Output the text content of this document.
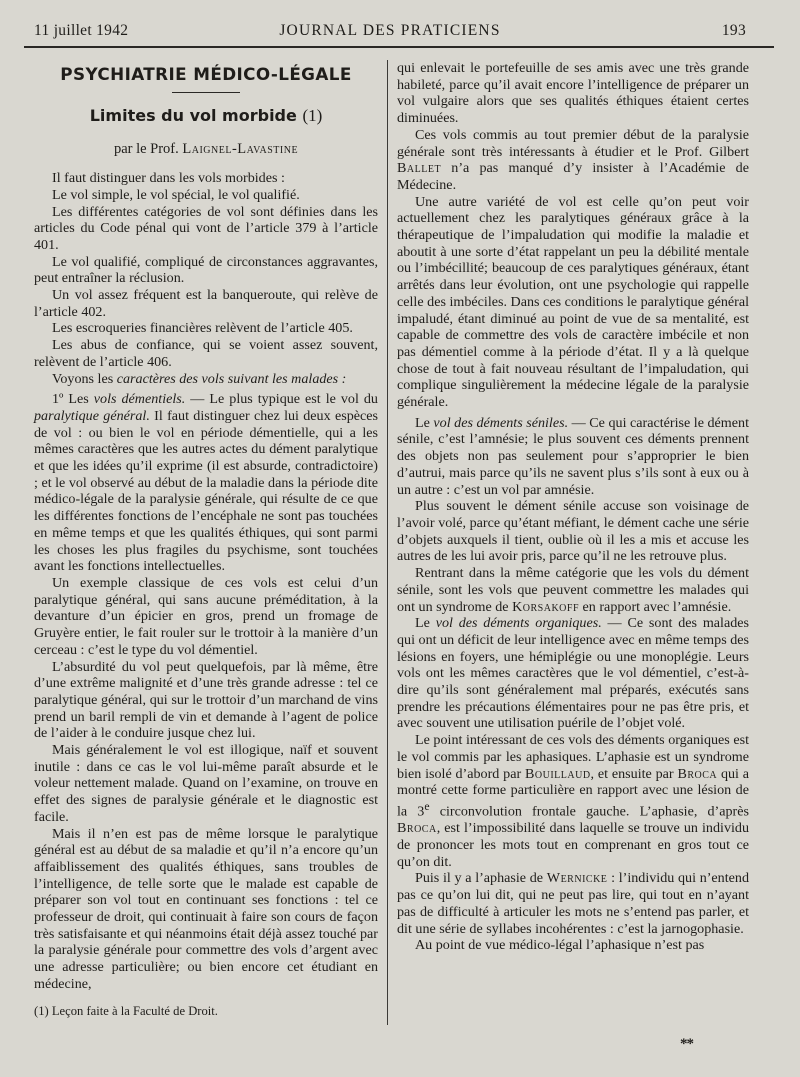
11 juillet 1942	JOURNAL DES PRATICIENS	193
PSYCHIATRIE MÉDICO-LÉGALE
Limites du vol morbide (1)
par le Prof. Laignel-Lavastine

Il faut distinguer dans les vols morbides :

Le vol simple, le vol spécial, le vol qualifié.

Les différentes catégories de vol sont définies dans les articles du Code pénal qui vont de l’article 379 à l’article 401.

Le vol qualifié, compliqué de circonstances aggravantes, peut entraîner la réclusion.

Un vol assez fréquent est la banqueroute, qui relève de l’article 402.

Les escroqueries financières relèvent de l’article 405.

Les abus de confiance, qui se voient assez souvent, relèvent de l’article 406.

Voyons les caractères des vols suivant les malades :

1º Les vols démentiels. — Le plus typique est le vol du paralytique général. Il faut distinguer chez lui deux espèces de vol : ou bien le vol en période démentielle, qui a les mêmes caractères que les autres actes du dément paralytique et que les idées qu’il exprime (il est absurde, contradictoire) ; et le vol observé au début de la maladie dans la période dite médico-légale de la paralysie générale, qui résulte de ce que les différentes fonctions de l’encéphale ne sont pas touchées en même temps et que les qualités éthiques, qui sont parmi les choses les plus fragiles du psychisme, sont touchées avant les fonctions intellectuelles.

Un exemple classique de ces vols est celui d’un paralytique général, qui sans aucune préméditation, à la devanture d’un épicier en gros, prend un fromage de Gruyère entier, le fait rouler sur le trottoir à la manière d’un cerceau : c’est le type du vol démentiel.

L’absurdité du vol peut quelquefois, par là même, être d’une extrême malignité et d’une très grande adresse : tel ce paralytique général, qui sur le trottoir d’un marchand de vins prend un baril rempli de vin et demande à l’agent de police de l’aider à le conduire jusque chez lui.

Mais généralement le vol est illogique, naïf et souvent inutile : dans ce cas le vol lui-même paraît absurde et le voleur nettement malade. Quand on l’examine, on trouve en effet des signes de paralysie générale et le diagnostic est facile.

Mais il n’en est pas de même lorsque le paralytique général est au début de sa maladie et qu’il n’a encore qu’un affaiblissement des qualités éthiques, sans troubles de l’intelligence, de telle sorte que le malade est capable de préparer son vol tout en continuant ses fonctions : tel ce professeur de droit, qui continuait à faire son cours de façon très satisfaisante et qui néanmoins était déjà assez touché par la paralysie générale pour commettre des vols d’argent avec une adresse particulière; ou bien encore cet étudiant en médecine,

(1) Leçon faite à la Faculté de Droit.

qui enlevait le portefeuille de ses amis avec une très grande habileté, parce qu’il avait encore l’intelligence de préparer un vol vulgaire alors que ses qualités éthiques étaient certes diminuées.

Ces vols commis au tout premier début de la paralysie générale sont très intéressants à étudier et le Prof. Gilbert Ballet n’a pas manqué d’y insister à l’Académie de Médecine.

Une autre variété de vol est celle qu’on peut voir actuellement chez les paralytiques généraux grâce à la thérapeutique de l’impaludation qui modifie la maladie et aboutit à une sorte d’état rappelant un peu la débilité mentale ou l’imbécillité; beaucoup de ces paralytiques généraux, étant arrêtés dans leur évolution, ont une psychologie qui rappelle celle des imbéciles. Dans ces conditions le paralytique général impaludé, étant diminué au point de vue de sa mentalité, est capable de commettre des vols de caractère imbécile et non pas démentiel comme à la période d’état. Il y a là quelque chose de tout à fait nouveau résultant de l’impaludation, qui complique singulièrement la médecine légale de la paralysie générale.

Le vol des déments séniles. — Ce qui caractérise le dément sénile, c’est l’amnésie; le plus souvent ces déments prennent des objets non pas seulement pour s’approprier le bien d’autrui, mais parce qu’ils ne savent plus s’ils sont à eux ou à un autre : c’est un vol par amnésie.

Plus souvent le dément sénile accuse son voisinage de l’avoir volé, parce qu’étant méfiant, le dément cache une série d’objets auxquels il tient, oublie où il les a mis et accuse les autres de les lui avoir pris, parce qu’il ne les retrouve plus.

Rentrant dans la même catégorie que les vols du dément sénile, sont les vols que peuvent commettre les malades qui ont un syndrome de Korsakoff en rapport avec l’amnésie.

Le vol des déments organiques. — Ce sont des malades qui ont un déficit de leur intelligence avec en même temps des lésions en foyers, une hémiplégie ou une monoplégie. Leurs vols ont les mêmes caractères que le vol démentiel, c’est-à-dire qu’ils sont généralement mal préparés, exécutés sans prendre les précautions élémentaires pour ne pas être pris, et avec souvent une utilisation puérile de l’objet volé.

Le point intéressant de ces vols des déments organiques est le vol commis par les aphasiques. L’aphasie est un syndrome bien isolé d’abord par Bouillaud, et ensuite par Broca qui a montré cette forme particulière en rapport avec une lésion de la 3e circonvolution frontale gauche. L’aphasie, d’après Broca, est l’impossibilité dans laquelle se trouve un individu de prononcer les mots tout en comprenant en gros tout ce qu’on dit.

Puis il y a l’aphasie de Wernicke : l’individu qui n’entend pas ce qu’on lui dit, qui ne peut pas lire, qui tout en n’ayant pas de difficulté à articuler les mots ne s’entend pas parler, et dit une série de syllabes incohérentes : c’est la jarnogophasie.

Au point de vue médico-légal l’aphasique n’est pas

**
